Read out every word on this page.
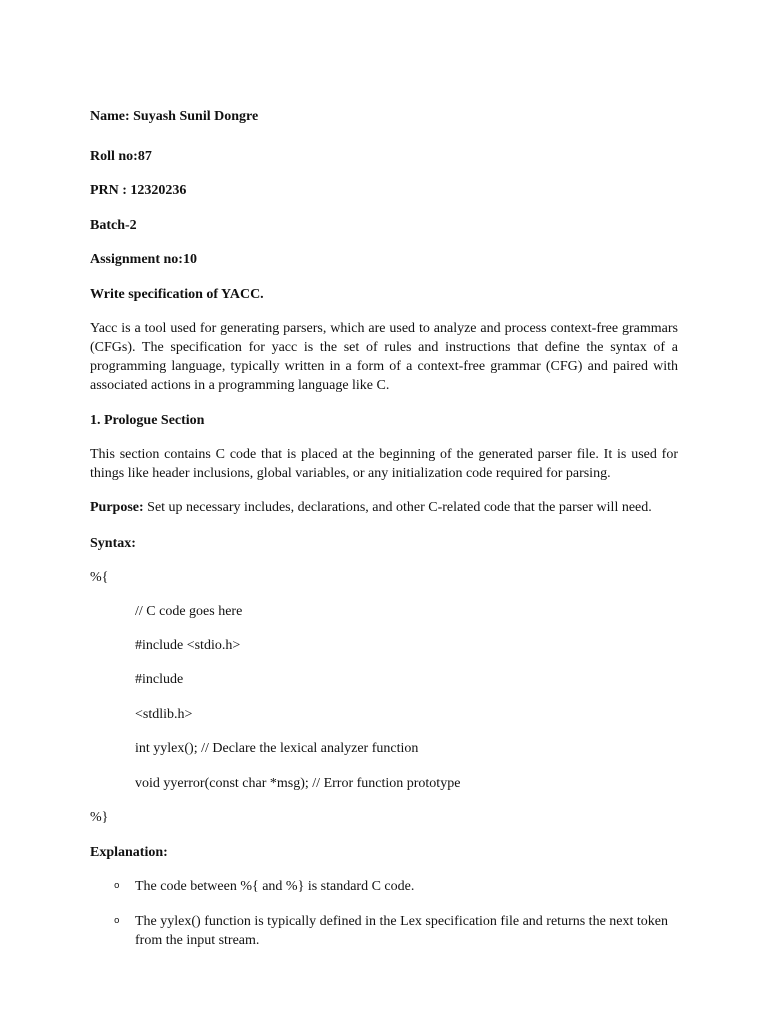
Name: Suyash Sunil Dongre

Roll no:87

PRN : 12320236

Batch-2

Assignment no:10

Write specification of YACC.

Yacc is a tool used for generating parsers, which are used to analyze and process context-free grammars (CFGs). The specification for yacc is the set of rules and instructions that define the syntax of a programming language, typically written in a form of a context-free grammar (CFG) and paired with associated actions in a programming language like C.

1. Prologue Section

This section contains C code that is placed at the beginning of the generated parser file. It is used for things like header inclusions, global variables, or any initialization code required for parsing.

Purpose: Set up necessary includes, declarations, and other C-related code that the parser will need.

Syntax:

%{

// C code goes here

#include <stdio.h>

#include

<stdlib.h>

int yylex(); // Declare the lexical analyzer function

void yyerror(const char *msg); // Error function prototype

%}

Explanation:

o The code between %{ and %} is standard C code.

o The yylex() function is typically defined in the Lex specification file and returns the next token from the input stream.
